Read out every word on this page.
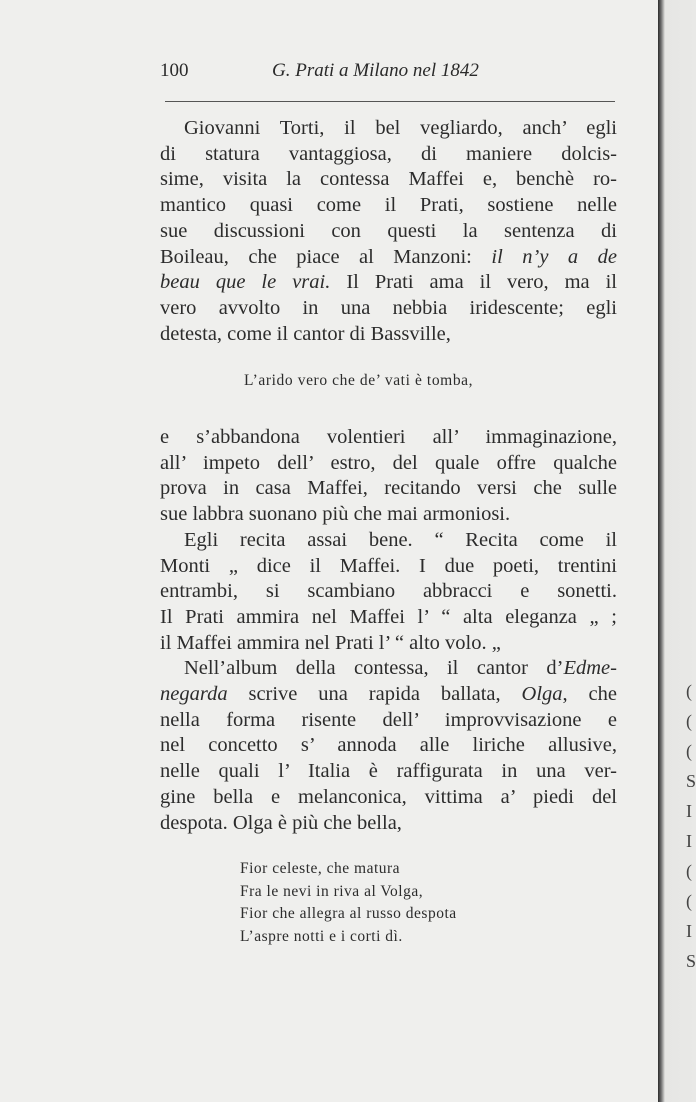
100	G. Prati a Milano nel 1842
Giovanni Torti, il bel vegliardo, anch’ egli
di statura vantaggiosa, di maniere dolcis-
sime, visita la contessa Maffei e, benchè ro-
mantico quasi come il Prati, sostiene nelle
sue discussioni con questi la sentenza di
Boileau, che piace al Manzoni: il n’y a de
beau que le vrai. Il Prati ama il vero, ma il
vero avvolto in una nebbia iridescente; egli
detesta, come il cantor di Bassville,
L’arido vero che de’ vati è tomba,
e s’abbandona volentieri all’ immaginazione,
all’ impeto dell’ estro, del quale offre qualche
prova in casa Maffei, recitando versi che sulle
sue labbra suonano più che mai armoniosi.
Egli recita assai bene. “ Recita come il
Monti „ dice il Maffei. I due poeti, trentini
entrambi, si scambiano abbracci e sonetti.
Il Prati ammira nel Maffei l’ “ alta eleganza „ ;
il Maffei ammira nel Prati l’ “ alto volo. „
Nell’album della contessa, il cantor d’Edme-
negarda scrive una rapida ballata, Olga, che
nella forma risente dell’ improvvisazione e
nel concetto s’ annoda alle liriche allusive,
nelle quali l’ Italia è raffigurata in una ver-
gine bella e melanconica, vittima a’ piedi del
despota. Olga è più che bella,
Fior celeste, che matura
Fra le nevi in riva al Volga,
Fior che allegra al russo despota
L’aspre notti e i corti dì.
(
(
(
S
I
I
(
(
I
S
